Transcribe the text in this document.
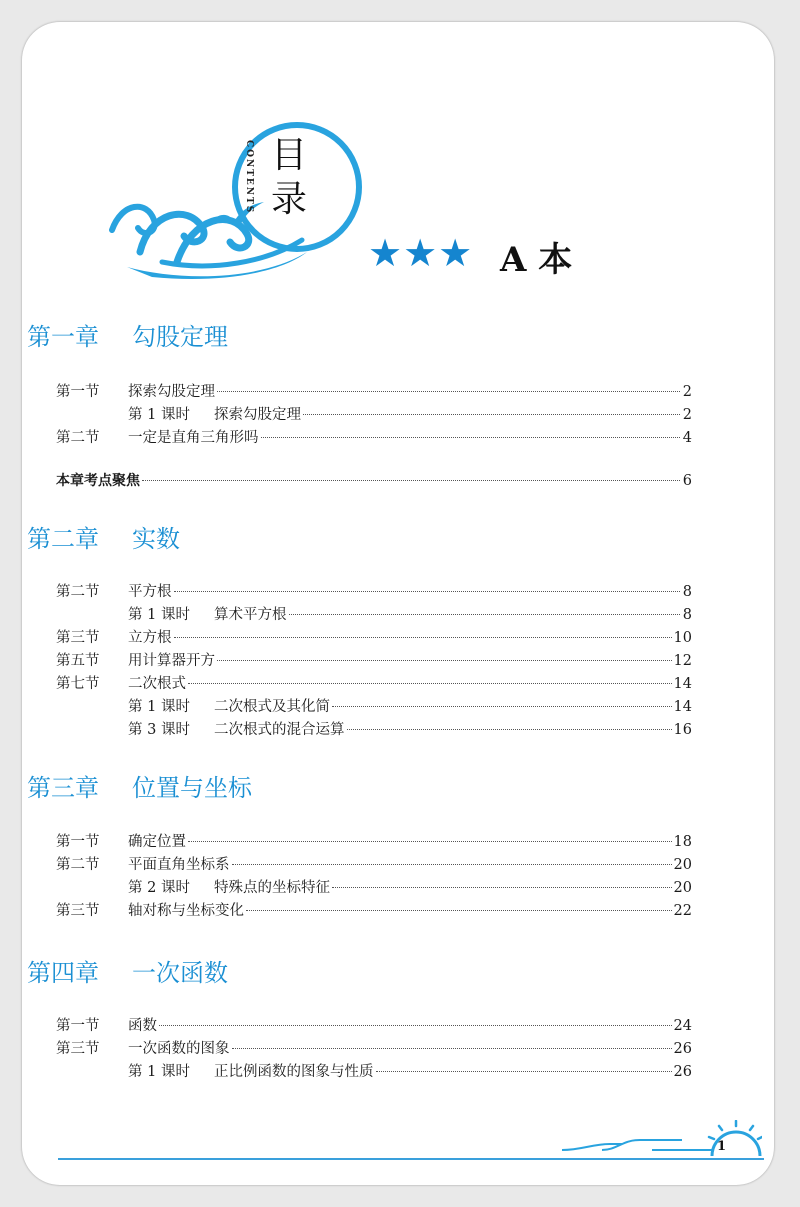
CONTENTS 目录
★★★ A 本
第一章 勾股定理
第一节	探索勾股定理	2
第 1 课时	探索勾股定理	2
第二节	一定是直角三角形吗	4
本章考点聚焦	6
第二章 实数
第二节	平方根	8
第 1 课时	算术平方根	8
第三节	立方根	10
第五节	用计算器开方	12
第七节	二次根式	14
第 1 课时	二次根式及其化简	14
第 3 课时	二次根式的混合运算	16
第三章 位置与坐标
第一节	确定位置	18
第二节	平面直角坐标系	20
第 2 课时	特殊点的坐标特征	20
第三节	轴对称与坐标变化	22
第四章 一次函数
第一节	函数	24
第三节	一次函数的图象	26
第 1 课时	正比例函数的图象与性质	26
1
